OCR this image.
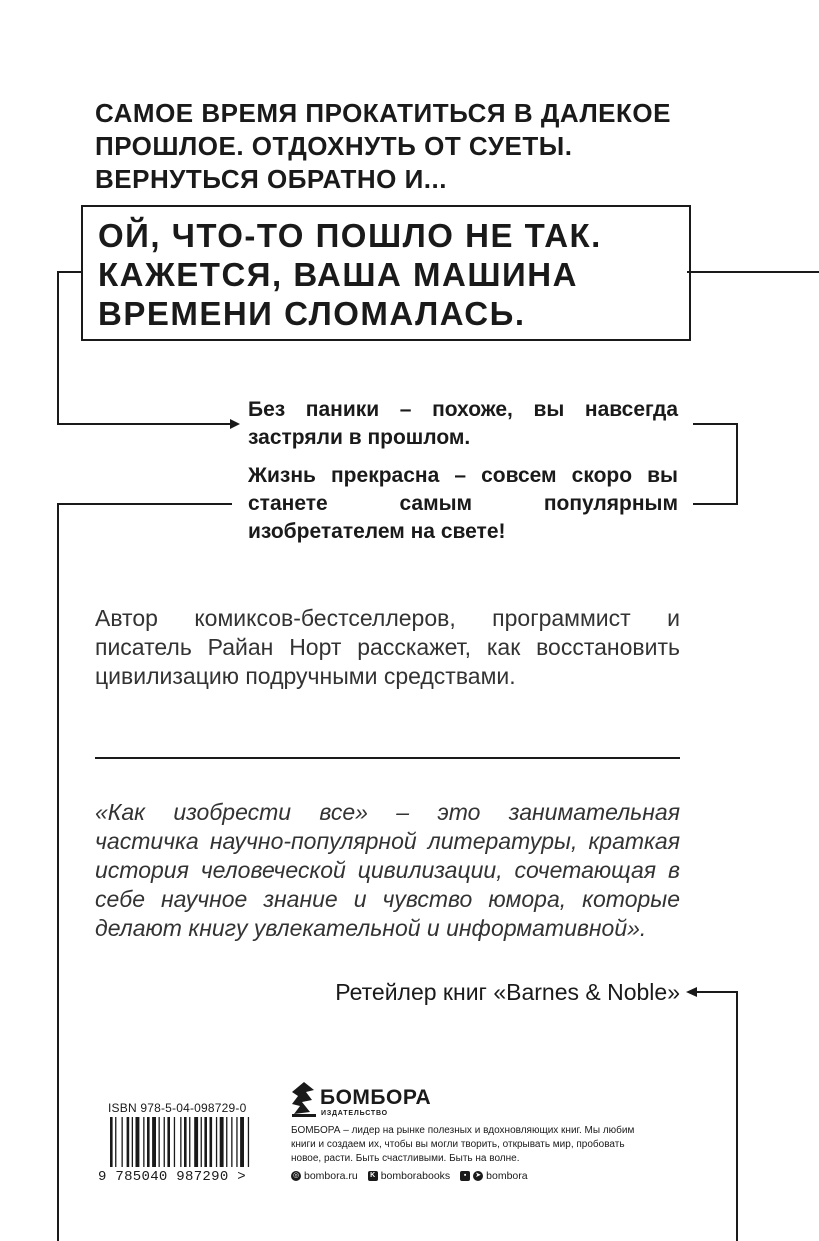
САМОЕ ВРЕМЯ ПРОКАТИТЬСЯ В ДАЛЕКОЕ
ПРОШЛОЕ. ОТДОХНУТЬ ОТ СУЕТЫ.
ВЕРНУТЬСЯ ОБРАТНО И...
ОЙ, ЧТО-ТО ПОШЛО НЕ ТАК.
КАЖЕТСЯ, ВАША МАШИНА
ВРЕМЕНИ СЛОМАЛАСЬ.
Без паники – похоже, вы навсегда застряли в прошлом.
Жизнь прекрасна – совсем скоро вы станете самым популярным изобретателем на свете!
Автор комиксов-бестселлеров, программист и писатель Райан Норт расскажет, как восстановить цивилизацию подручными средствами.
«Как изобрести все» – это занимательная частичка научно-популярной литературы, краткая история человеческой цивилизации, сочетающая в себе научное знание и чувство юмора, которые делают книгу увлекательной и информативной».
Ретейлер книг «Barnes & Noble»
ISBN 978-5-04-098729-0
9 785040 987290 >
БОМБОРА
ИЗДАТЕЛЬСТВО
БОМБОРА – лидер на рынке полезных и вдохновляющих книг. Мы любим книги и создаем их, чтобы вы могли творить, открывать мир, пробовать новое, расти. Быть счастливыми. Быть на волне.
◎ bombora.ru	K bomborabooks	▪	➤ bombora
